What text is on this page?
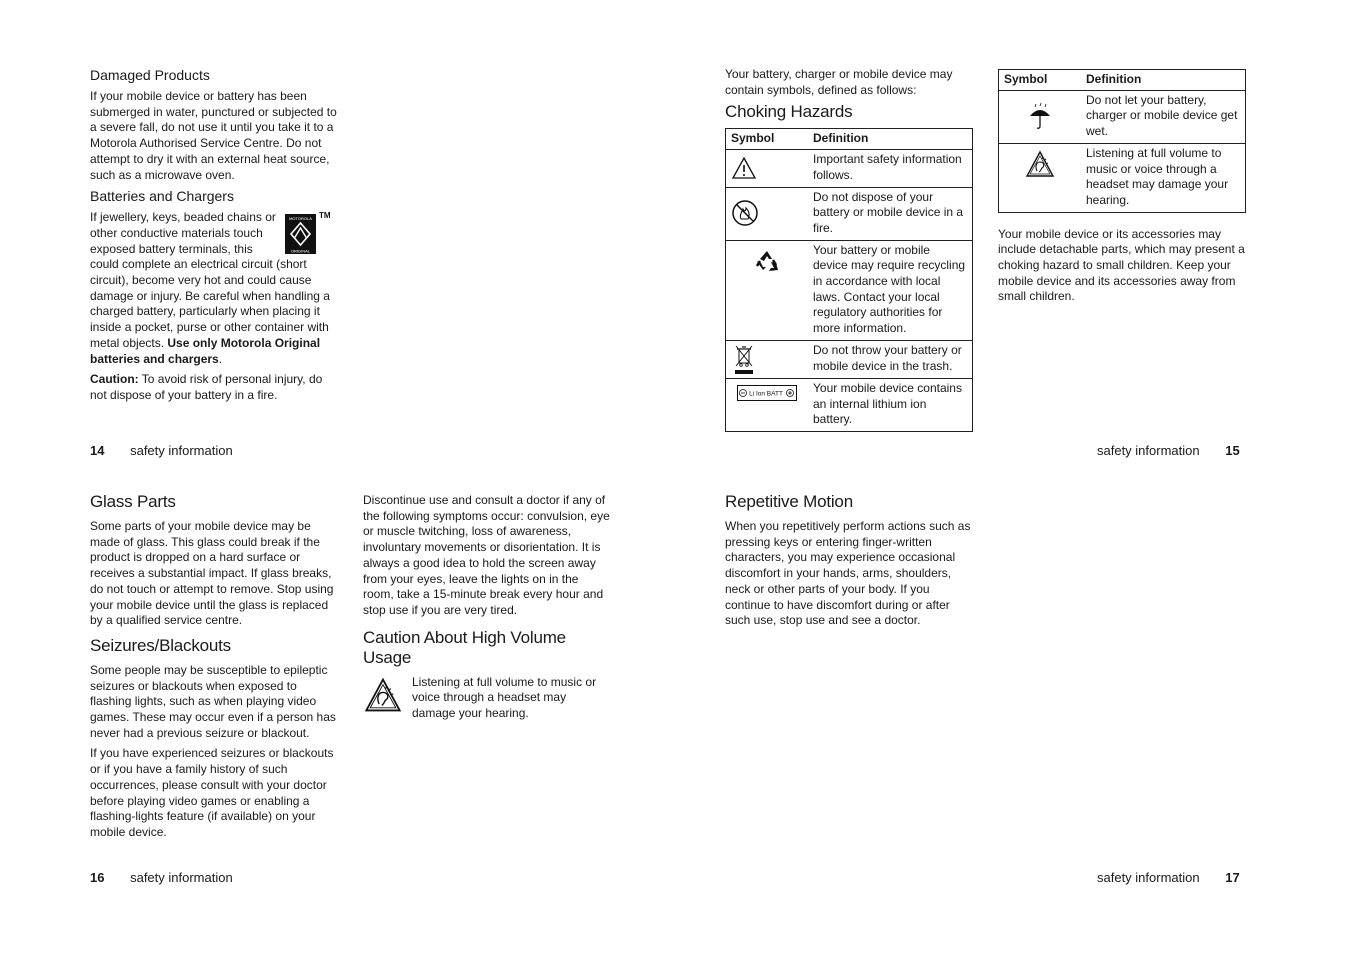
Damaged Products

If your mobile device or battery has been submerged in water, punctured or subjected to a severe fall, do not use it until you take it to a Motorola Authorised Service Centre. Do not attempt to dry it with an external heat source, such as a microwave oven.

Batteries and Chargers

MOTOROLA
ORIGINAL
TM
If jewellery, keys, beaded chains or other conductive materials touch exposed battery terminals, this could complete an electrical circuit (short circuit), become very hot and could cause damage or injury. Be careful when handling a charged battery, particularly when placing it inside a pocket, purse or other container with metal objects. Use only Motorola Original batteries and chargers.

Caution: To avoid risk of personal injury, do not dispose of your battery in a fire.

14 safety information

Your battery, charger or mobile device may contain symbols, defined as follows:

Choking Hazards
Symbol	Definition

	Important safety information follows.

	Do not dispose of your battery or mobile device in a fire.

	Your battery or mobile device may require recycling in accordance with local laws. Contact your local regulatory authorities for more information.

	Do not throw your battery or mobile device in the trash.

Li Ion BATT	Your mobile device contains an internal lithium ion battery.
Symbol	Definition

	Do not let your battery, charger or mobile device get wet.

	Listening at full volume to music or voice through a headset may damage your hearing.

Your mobile device or its accessories may include detachable parts, which may present a choking hazard to small children. Keep your mobile device and its accessories away from small children.

safety information 15
Glass Parts

Some parts of your mobile device may be made of glass. This glass could break if the product is dropped on a hard surface or receives a substantial impact. If glass breaks, do not touch or attempt to remove. Stop using your mobile device until the glass is replaced by a qualified service centre.

Seizures/Blackouts

Some people may be susceptible to epileptic seizures or blackouts when exposed to flashing lights, such as when playing video games. These may occur even if a person has never had a previous seizure or blackout.

If you have experienced seizures or blackouts or if you have a family history of such occurrences, please consult with your doctor before playing video games or enabling a flashing-lights feature (if available) on your mobile device.

Discontinue use and consult a doctor if any of the following symptoms occur: convulsion, eye or muscle twitching, loss of awareness, involuntary movements or disorientation. It is always a good idea to hold the screen away from your eyes, leave the lights on in the room, take a 15-minute break every hour and stop use if you are very tired.

Caution About High Volume Usage

Listening at full volume to music or voice through a headset may damage your hearing.

16 safety information
Repetitive Motion

When you repetitively perform actions such as pressing keys or entering finger-written characters, you may experience occasional discomfort in your hands, arms, shoulders, neck or other parts of your body. If you continue to have discomfort during or after such use, stop use and see a doctor.

safety information 17
